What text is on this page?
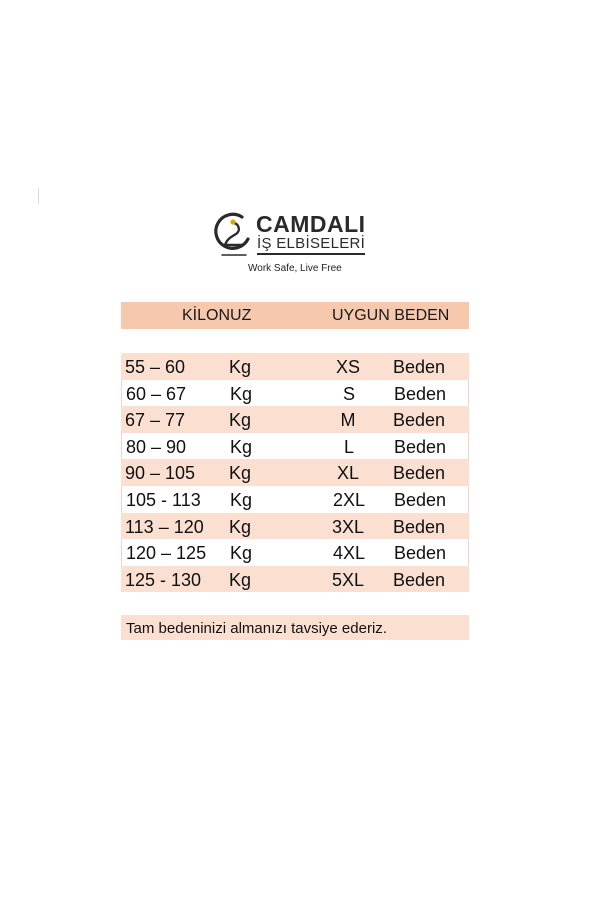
CAMDALI
İŞ ELBİSELERİ
Work Safe, Live Free
KİLONUZ	UYGUN BEDEN
55 – 60 Kg	XS	Beden
60 – 67 Kg	S	Beden
67 – 77 Kg	M	Beden
80 – 90 Kg	L	Beden
90 – 105 Kg	XL	Beden
105 - 113 Kg	2XL	Beden
113 – 120 Kg	3XL	Beden
120 – 125 Kg	4XL	Beden
125 - 130 Kg	5XL	Beden
Tam bedeninizi almanızı tavsiye ederiz.
